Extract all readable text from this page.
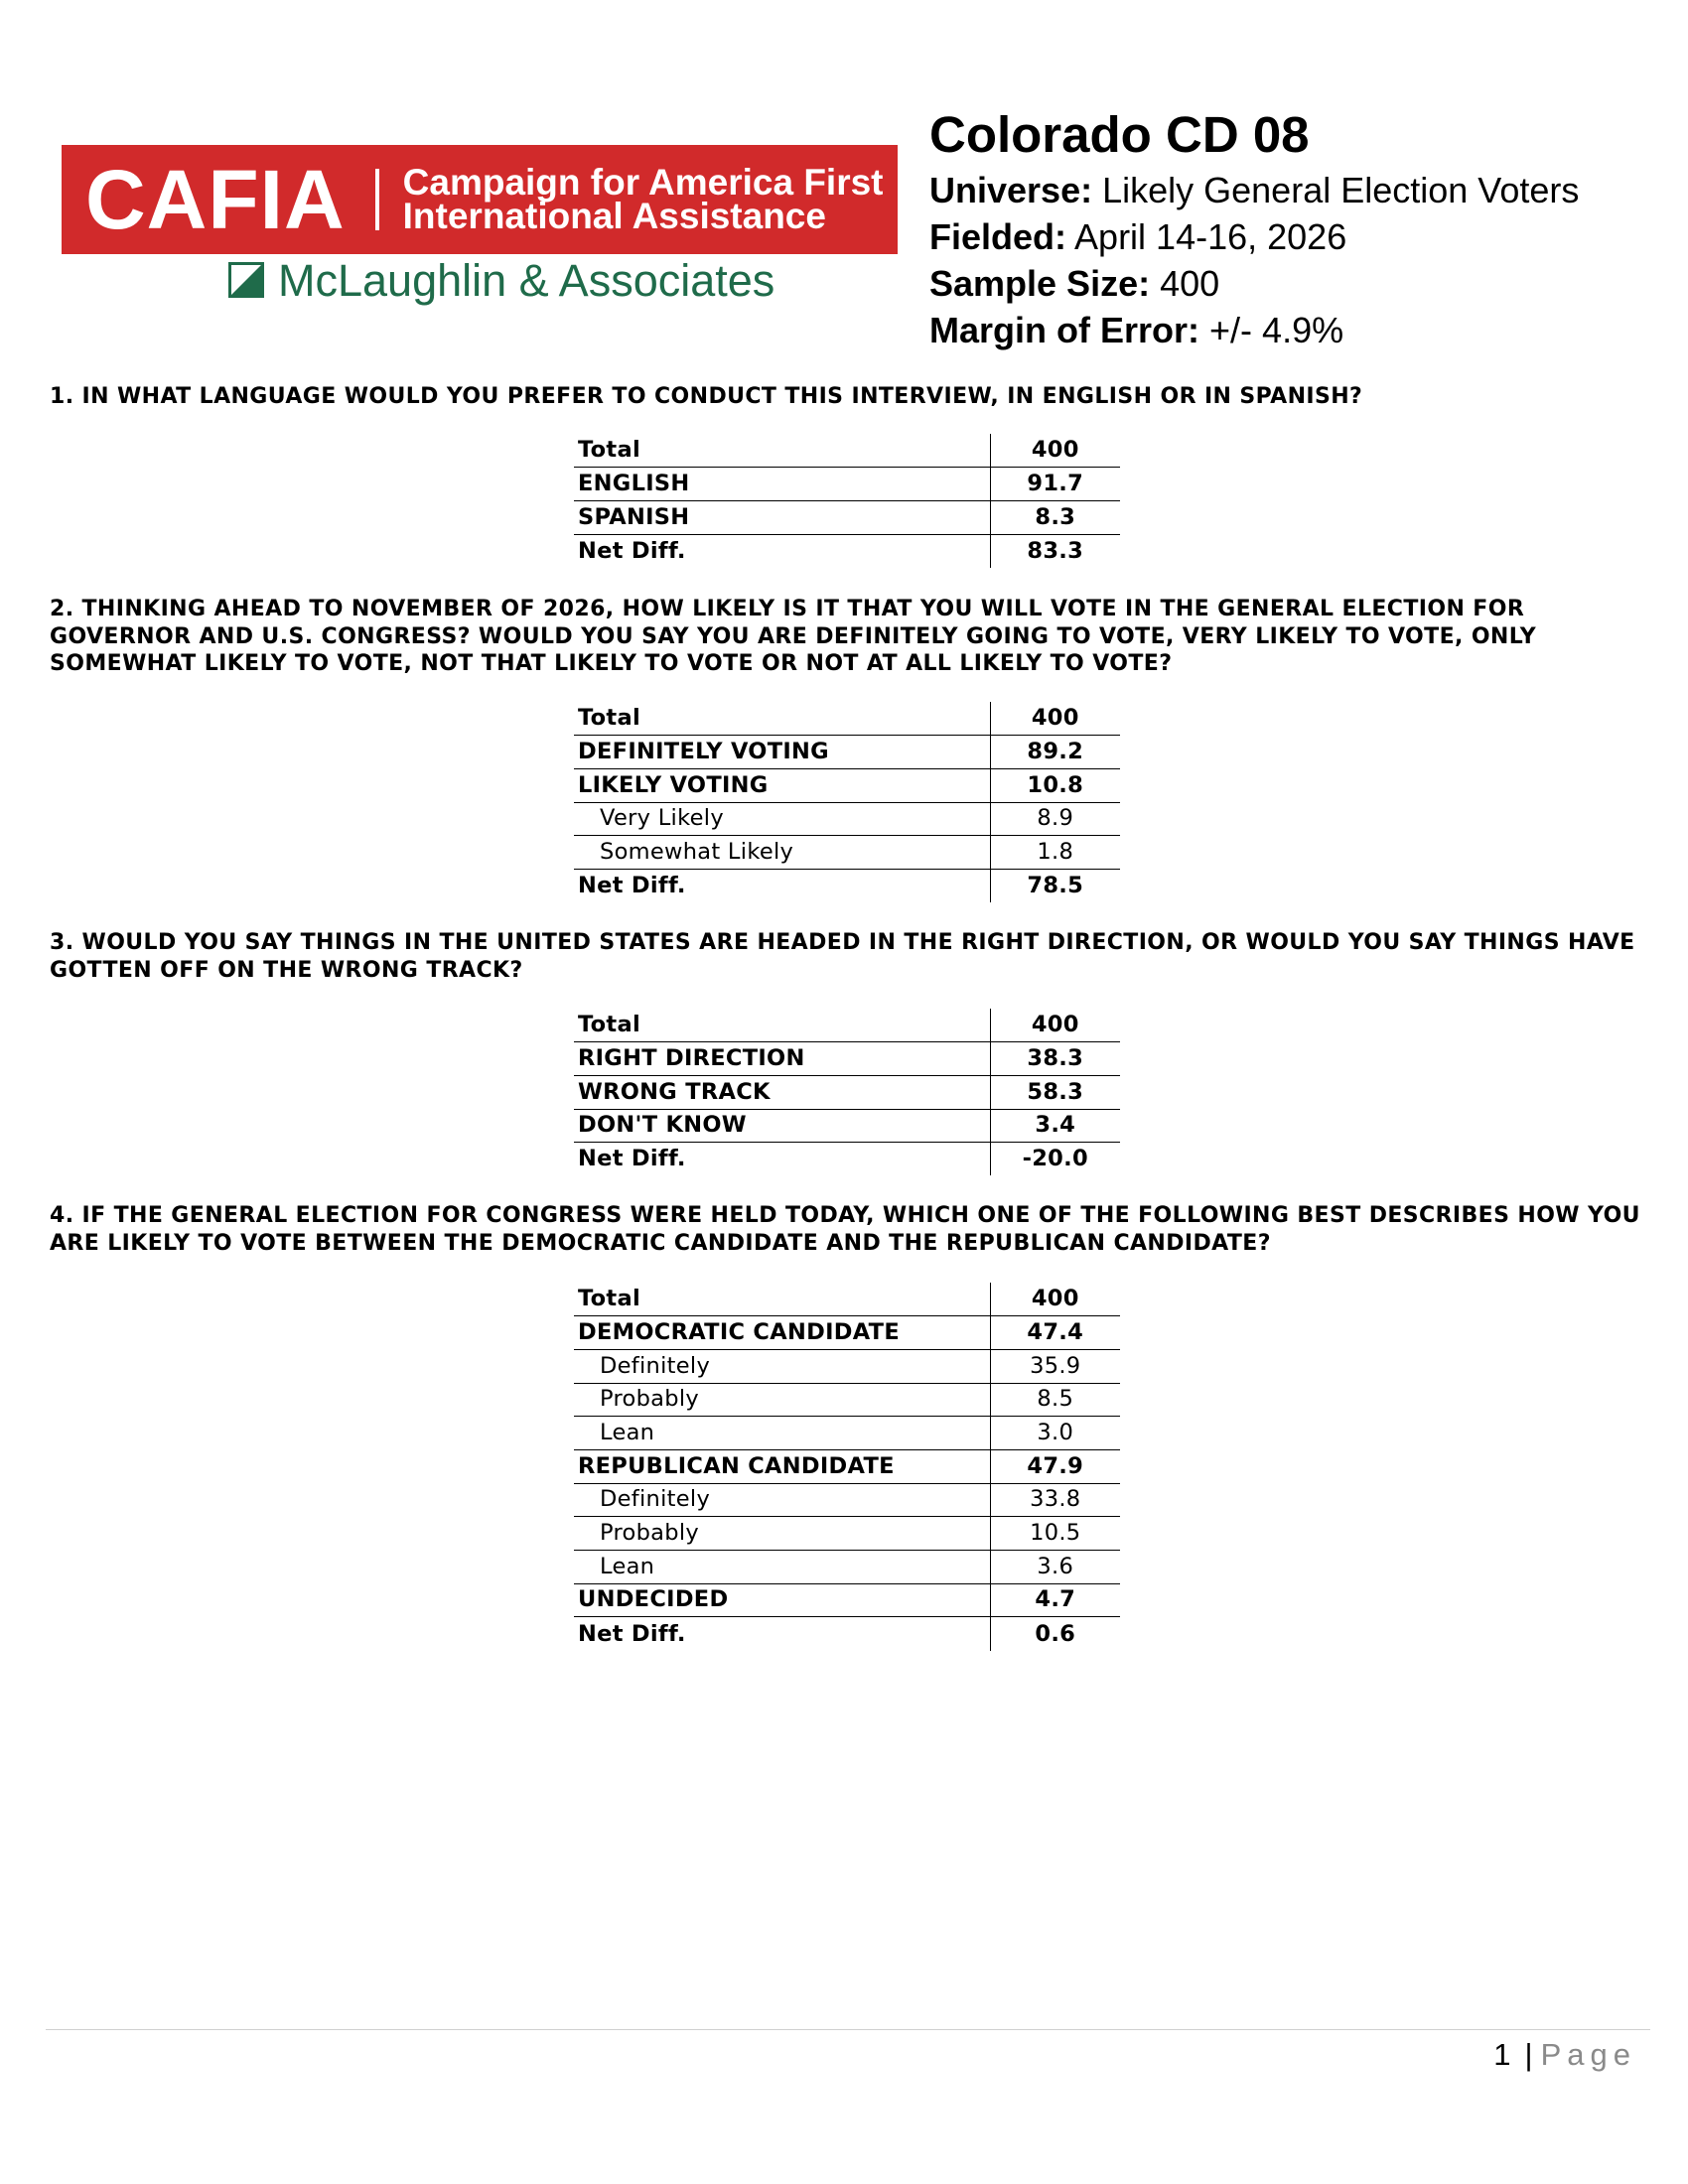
CAFIA Campaign for America First
International Assistance
McLaughlin & Associates
Colorado CD 08
Universe: Likely General Election Voters
Fielded: April 14-16, 2026
Sample Size: 400
Margin of Error: +/- 4.9%
1. IN WHAT LANGUAGE WOULD YOU PREFER TO CONDUCT THIS INTERVIEW, IN ENGLISH OR IN SPANISH?
Total	400
ENGLISH	91.7
SPANISH	8.3
Net Diff.	83.3
2. THINKING AHEAD TO NOVEMBER OF 2026, HOW LIKELY IS IT THAT YOU WILL VOTE IN THE GENERAL ELECTION FOR GOVERNOR AND U.S. CONGRESS? WOULD YOU SAY YOU ARE DEFINITELY GOING TO VOTE, VERY LIKELY TO VOTE, ONLY SOMEWHAT LIKELY TO VOTE, NOT THAT LIKELY TO VOTE OR NOT AT ALL LIKELY TO VOTE?
Total	400
DEFINITELY VOTING	89.2
LIKELY VOTING	10.8
Very Likely	8.9
Somewhat Likely	1.8
Net Diff.	78.5
3. WOULD YOU SAY THINGS IN THE UNITED STATES ARE HEADED IN THE RIGHT DIRECTION, OR WOULD YOU SAY THINGS HAVE GOTTEN OFF ON THE WRONG TRACK?
Total	400
RIGHT DIRECTION	38.3
WRONG TRACK	58.3
DON'T KNOW	3.4
Net Diff.	-20.0
4. IF THE GENERAL ELECTION FOR CONGRESS WERE HELD TODAY, WHICH ONE OF THE FOLLOWING BEST DESCRIBES HOW YOU ARE LIKELY TO VOTE BETWEEN THE DEMOCRATIC CANDIDATE AND THE REPUBLICAN CANDIDATE?
Total	400
DEMOCRATIC CANDIDATE	47.4
Definitely	35.9
Probably	8.5
Lean	3.0
REPUBLICAN CANDIDATE	47.9
Definitely	33.8
Probably	10.5
Lean	3.6
UNDECIDED	4.7
Net Diff.	0.6
1 | Page
